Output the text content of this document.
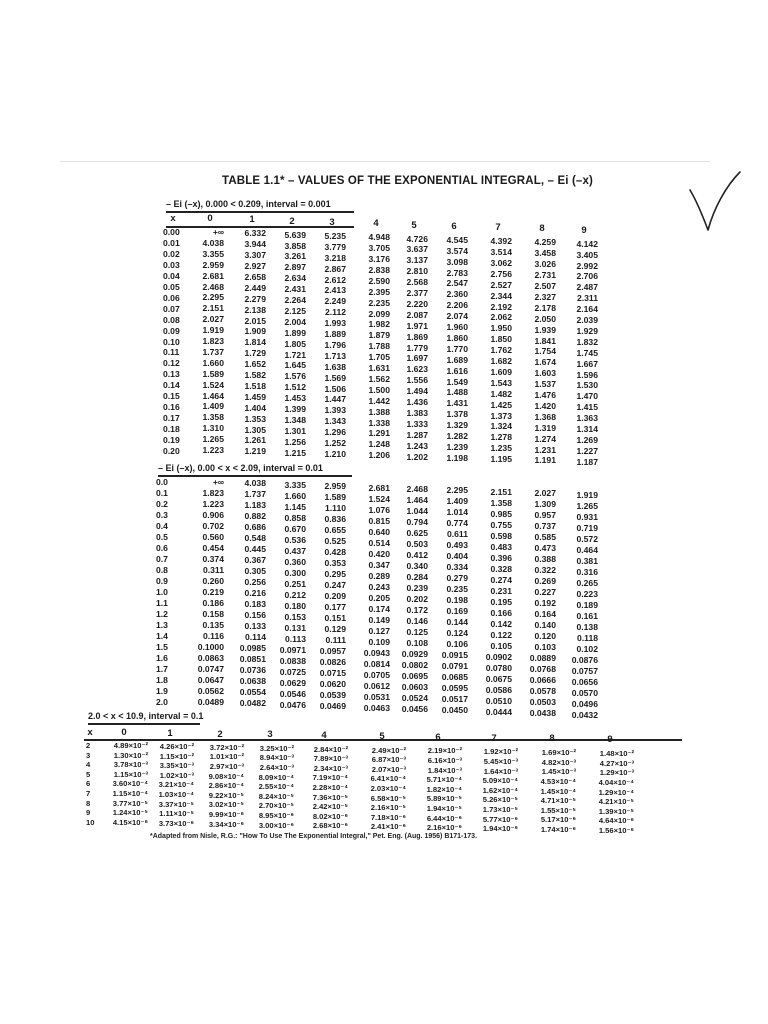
TABLE 1.1* – VALUES OF THE EXPONENTIAL INTEGRAL, – Ei (–x)
– Ei (–x), 0.000 < 0.209, interval = 0.001
x
– Ei (–x), 0.00 < x < 2.09, interval = 0.01
2.0 < x < 10.9, interval = 0.1
x
*Adapted from Nisle, R.G.: "How To Use The Exponential Integral," Pet. Eng. (Aug. 1956) B171-173.
0	1	2	3	4	5	6	7	8	9
0.00	+∞ 6.332 5.639 5.235	4.948 4.726 4.545	4.392	4.259 4.142
0.01	4.038 3.944 3.858 3.779	3.705 3.637 3.574	3.514	3.458 3.405
0.02	3.355 3.307 3.261 3.218	3.176 3.137 3.098	3.062	3.026 2.992
0.03	2.959 2.927 2.897 2.867	2.838 2.810 2.783	2.756	2.731 2.706
0.04	2.681 2.658 2.634 2.612	2.590 2.568 2.547	2.527	2.507 2.487
0.05	2.468 2.449 2.431 2.413	2.395 2.377 2.360	2.344	2.327 2.311
0.06	2.295 2.279 2.264 2.249	2.235 2.220 2.206	2.192	2.178 2.164
0.07	2.151 2.138 2.125 2.112	2.099 2.087 2.074	2.062	2.050 2.039
0.08	2.027 2.015 2.004 1.993	1.982 1.971 1.960	1.950	1.939 1.929
0.09	1.919 1.909 1.899 1.889	1.879 1.869 1.860	1.850	1.841 1.832
0.10	1.823 1.814 1.805 1.796	1.788 1.779 1.770	1.762	1.754 1.745
0.11	1.737 1.729 1.721 1.713	1.705 1.697 1.689	1.682	1.674 1.667
0.12	1.660 1.652 1.645 1.638	1.631 1.623 1.616	1.609	1.603 1.596
0.13	1.589 1.582 1.576 1.569	1.562 1.556 1.549	1.543	1.537 1.530
0.14	1.524 1.518 1.512 1.506	1.500 1.494 1.488	1.482	1.476 1.470
0.15	1.464 1.459 1.453 1.447	1.442 1.436 1.431	1.425	1.420 1.415
0.16	1.409 1.404 1.399 1.393	1.388 1.383 1.378	1.373	1.368 1.363
0.17	1.358 1.353 1.348 1.343	1.338 1.333 1.329	1.324	1.319 1.314
0.18	1.310 1.305 1.301 1.296	1.291 1.287 1.282	1.278	1.274 1.269
0.19	1.265 1.261 1.256 1.252	1.248 1.243 1.239	1.235	1.231 1.227
0.20	1.223 1.219 1.215 1.210	1.206 1.202 1.198	1.195	1.191 1.187
0.0	+∞ 4.038 3.335 2.959	2.681 2.468 2.295	2.151	2.027 1.919
0.1	1.823 1.737 1.660 1.589	1.524 1.464 1.409	1.358	1.309 1.265
0.2	1.223 1.183 1.145 1.110	1.076 1.044 1.014	0.985	0.957 0.931
0.3	0.906 0.882 0.858 0.836	0.815 0.794 0.774	0.755	0.737 0.719
0.4	0.702 0.686 0.670 0.655	0.640 0.625 0.611	0.598	0.585 0.572
0.5	0.560 0.548 0.536 0.525	0.514 0.503 0.493	0.483	0.473 0.464
0.6	0.454 0.445 0.437 0.428	0.420 0.412 0.404	0.396	0.388 0.381
0.7	0.374 0.367 0.360 0.353	0.347 0.340 0.334	0.328	0.322 0.316
0.8	0.311 0.305 0.300 0.295	0.289 0.284 0.279	0.274	0.269 0.265
0.9	0.260 0.256 0.251 0.247	0.243 0.239 0.235	0.231	0.227 0.223
1.0	0.219 0.216 0.212 0.209	0.205 0.202 0.198	0.195	0.192 0.189
1.1	0.186 0.183 0.180 0.177	0.174 0.172 0.169	0.166	0.164 0.161
1.2	0.158 0.156 0.153 0.151	0.149 0.146 0.144	0.142	0.140 0.138
1.3	0.135 0.133 0.131 0.129	0.127 0.125 0.124	0.122	0.120 0.118
1.4	0.116 0.114 0.113 0.111	0.109 0.108 0.106	0.105	0.103 0.102
1.5	0.1000 0.0985 0.0971 0.0957 0.0943 0.0929 0.0915 0.0902 0.0889 0.0876
1.6	0.0863 0.0851 0.0838 0.0826 0.0814 0.0802 0.0791 0.0780 0.0768 0.0757
1.7	0.0747 0.0736 0.0725 0.0715 0.0705 0.0695 0.0685 0.0675 0.0666 0.0656
1.8	0.0647 0.0638 0.0629 0.0620 0.0612 0.0603 0.0595 0.0586 0.0578 0.0570
1.9	0.0562 0.0554 0.0546 0.0539 0.0531 0.0524 0.0517 0.0510 0.0503 0.0496
2.0	0.0489 0.0482 0.0476 0.0469 0.0463 0.0456 0.0450 0.0444 0.0438 0.0432
0	1	2	3	4	5	6	7	8	9
2	4.89×10⁻² 4.26×10⁻² 3.72×10⁻² 3.25×10⁻²	2.84×10⁻²	2.49×10⁻²	2.19×10⁻²	1.92×10⁻²	1.69×10⁻²	1.48×10⁻²
3	1.30×10⁻² 1.15×10⁻² 1.01×10⁻² 8.94×10⁻³	7.89×10⁻³	6.87×10⁻³	6.16×10⁻³	5.45×10⁻³	4.82×10⁻³	4.27×10⁻³
4	3.78×10⁻³ 3.35×10⁻³ 2.97×10⁻³ 2.64×10⁻³	2.34×10⁻³	2.07×10⁻³	1.84×10⁻³	1.64×10⁻³	1.45×10⁻³	1.29×10⁻³
5	1.15×10⁻³ 1.02×10⁻³ 9.08×10⁻⁴ 8.09×10⁻⁴ 7.19×10⁻⁴	6.41×10⁻⁴	5.71×10⁻⁴	5.09×10⁻⁴	4.53×10⁻⁴	4.04×10⁻⁴
6	3.60×10⁻⁴ 3.21×10⁻⁴ 2.86×10⁻⁴ 2.55×10⁻⁴ 2.28×10⁻⁴	2.03×10⁻⁴	1.82×10⁻⁴	1.62×10⁻⁴	1.45×10⁻⁴	1.29×10⁻⁴
7	1.15×10⁻⁴ 1.03×10⁻⁴ 9.22×10⁻⁵ 8.24×10⁻⁵ 7.36×10⁻⁵	6.58×10⁻⁵	5.89×10⁻⁵	5.26×10⁻⁵	4.71×10⁻⁵	4.21×10⁻⁵
8	3.77×10⁻⁵ 3.37×10⁻⁵ 3.02×10⁻⁵ 2.70×10⁻⁵ 2.42×10⁻⁵	2.16×10⁻⁵	1.94×10⁻⁵	1.73×10⁻⁵	1.55×10⁻⁵	1.39×10⁻⁵
9	1.24×10⁻⁵ 1.11×10⁻⁵ 9.99×10⁻⁶ 8.95×10⁻⁶ 8.02×10⁻⁶	7.18×10⁻⁶	6.44×10⁻⁶	5.77×10⁻⁶	5.17×10⁻⁶	4.64×10⁻⁶
10 4.15×10⁻⁶ 3.73×10⁻⁶ 3.34×10⁻⁶ 3.00×10⁻⁶ 2.68×10⁻⁶	2.41×10⁻⁶	2.16×10⁻⁶	1.94×10⁻⁶	1.74×10⁻⁶	1.56×10⁻⁶
